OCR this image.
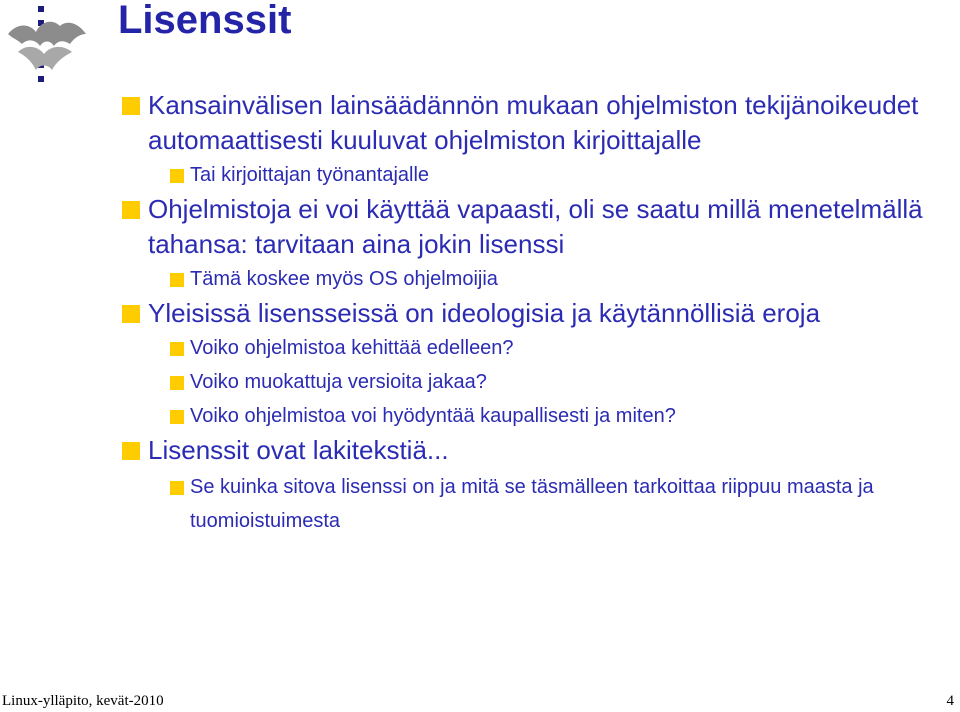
Lisenssit
Kansainvälisen lainsäädännön mukaan ohjelmiston tekijänoikeudet automaattisesti kuuluvat ohjelmiston kirjoittajalle
Tai kirjoittajan työnantajalle
Ohjelmistoja ei voi käyttää vapaasti, oli se saatu millä menetelmällä tahansa: tarvitaan aina jokin lisenssi
Tämä koskee myös OS ohjelmoijia
Yleisissä lisensseissä on ideologisia ja käytännöllisiä eroja
Voiko ohjelmistoa kehittää edelleen?
Voiko muokattuja versioita jakaa?
Voiko ohjelmistoa voi hyödyntää kaupallisesti ja miten?
Lisenssit ovat lakitekstiä...
Se kuinka sitova lisenssi on ja mitä se täsmälleen tarkoittaa riippuu maasta ja tuomioistuimesta
Linux-ylläpito, kevät-2010	4
